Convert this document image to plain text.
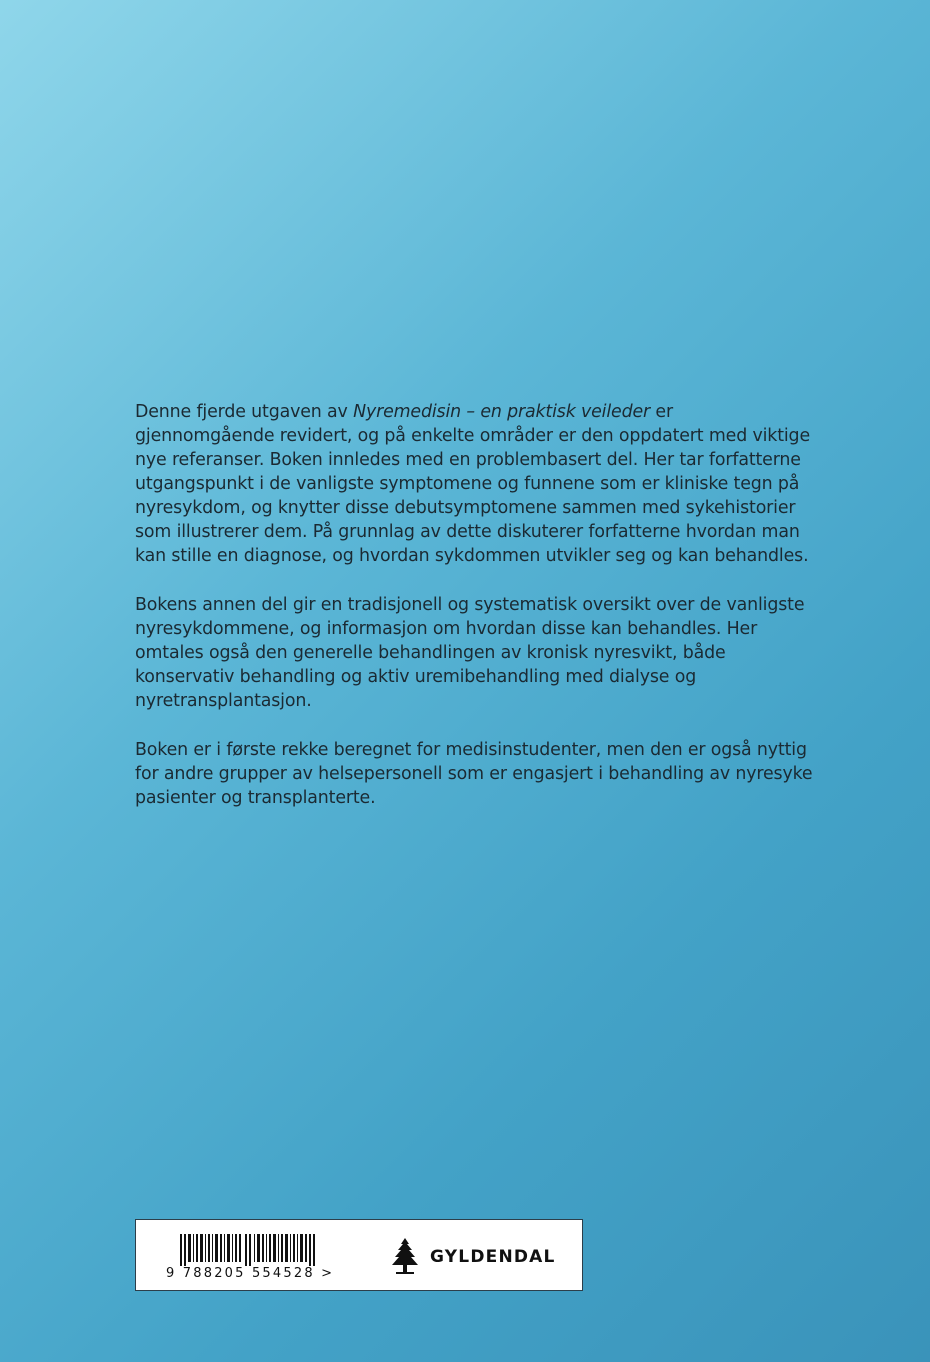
Denne fjerde utgaven av Nyremedisin – en praktisk veileder er gjennomgående revidert, og på enkelte områder er den oppdatert med viktige nye referanser. Boken innledes med en problembasert del. Her tar forfatterne utgangspunkt i de vanligste symptomene og funnene som er kliniske tegn på nyresykdom, og knytter disse debutsymptomene sammen med sykehistorier som illustrerer dem. På grunnlag av dette diskuterer forfatterne hvordan man kan stille en diagnose, og hvordan sykdommen utvikler seg og kan behandles.

Bokens annen del gir en tradisjonell og systematisk oversikt over de vanligste nyresykdommene, og informasjon om hvordan disse kan behandles. Her omtales også den generelle behandlingen av kronisk nyresvikt, både konservativ behandling og aktiv uremibehandling med dialyse og nyretransplantasjon.

Boken er i første rekke beregnet for medisinstudenter, men den er også nyttig for andre grupper av helsepersonell som er engasjert i behandling av nyresyke pasienter og transplanterte.

9 788205 554528 >
GYLDENDAL
